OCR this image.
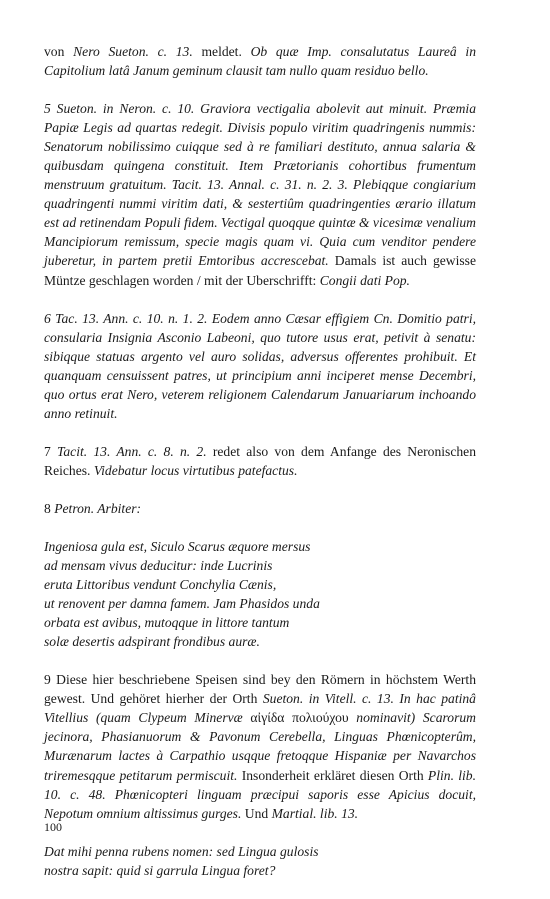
von Nero Sueton. c. 13. meldet. Ob quæ Imp. consalutatus Laureâ in Capitolium latâ Janum geminum clausit tam nullo quam residuo bello.

5 Sueton. in Neron. c. 10. Graviora vectigalia abolevit aut minuit. Præmia Papiæ Legis ad quartas redegit. Divisis populo viritim quadringenis nummis: Senatorum nobilissimo cuiqque sed à re familiari destituto, annua salaria & quibusdam quingena constituit. Item Prætorianis cohortibus frumentum menstruum gratuitum. Tacit. 13. Annal. c. 31. n. 2. 3. Plebiqque congiarium quadringenti nummi viritim dati, & sestertiûm quadringenties ærario illatum est ad retinendam Populi fidem. Vectigal quoqque quintæ & vicesimæ venalium Mancipiorum remissum, specie magis quam vi. Quia cum venditor pendere juberetur, in partem pretii Emtoribus accrescebat. Damals ist auch gewisse Müntze geschlagen worden / mit der Uberschrifft: Congii dati Pop.

6 Tac. 13. Ann. c. 10. n. 1. 2. Eodem anno Cæsar effigiem Cn. Domitio patri, consularia Insignia Asconio Labeoni, quo tutore usus erat, petivit à senatu: sibiqque statuas argento vel auro solidas, adversus offerentes prohibuit. Et quanquam censuissent patres, ut principium anni inciperet mense Decembri, quo ortus erat Nero, veterem religionem Calendarum Januariarum inchoando anno retinuit.

7 Tacit. 13. Ann. c. 8. n. 2. redet also von dem Anfange des Neronischen Reiches. Videbatur locus virtutibus patefactus.

8 Petron. Arbiter:

Ingeniosa gula est, Siculo Scarus æquore mersus
ad mensam vivus deducitur: inde Lucrinis
eruta Littoribus vendunt Conchylia Cænis,
ut renovent per damna famem. Jam Phasidos unda
orbata est avibus, mutoqque in littore tantum
solæ desertis adspirant frondibus auræ.

9 Diese hier beschriebene Speisen sind bey den Römern in höchstem Werth gewest. Und gehöret hierher der Orth Sueton. in Vitell. c. 13. In hac patinâ Vitellius (quam Clypeum Minervæ αἰγίδα πολιούχου nominavit) Scarorum jecinora, Phasianuorum & Pavonum Cerebella, Linguas Phœnicopterûm, Murænarum lactes à Carpathio usqque fretoqque Hispaniæ per Navarchos triremesqque petitarum permiscuit. Insonderheit erkläret diesen Orth Plin. lib. 10. c. 48. Phœnicopteri linguam præcipui saporis esse Apicius docuit, Nepotum omnium altissimus gurges. Und Martial. lib. 13.

Dat mihi penna rubens nomen: sed Lingua gulosis
nostra sapit: quid si garrula Lingua foret?
100
